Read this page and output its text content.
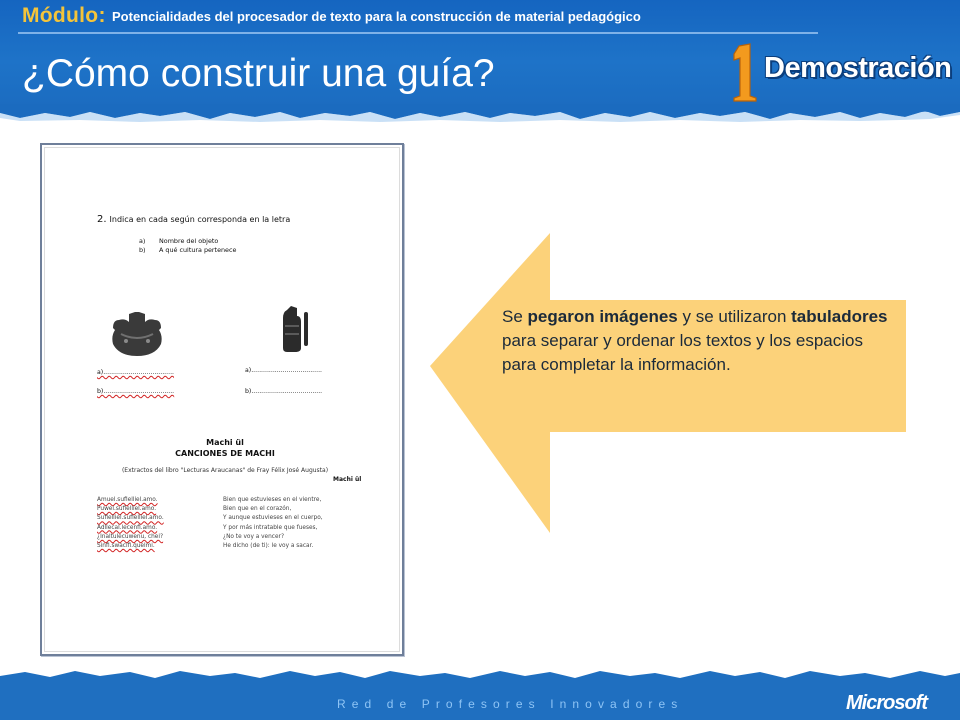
Módulo: Potencialidades del procesador de texto para la construcción de material pedagógico
¿Cómo construir una guía?	Demostración
2. Indica en cada según corresponda en la letra
a) Nombre del objeto
b) A qué cultura pertenece
a)....................................
b)....................................
a)....................................
b)....................................
Machi ül
CANCIONES DE MACHI
(Extractos del libro "Lecturas Araucanas" de Fray Félix José Augusta)
Machi ül
Amuel.sufielliel.amo.
Puwel.sufielliel.amo.
Sufielliel.sufielliel.amo.
Adllecal.lecenfi.amo.
¿Inaltulecuwenu, chei?
Sinfi.swacifi.quelmi.
Bien que estuvieses en el vientre,
Bien que en el corazón,
Y aunque estuvieses en el cuerpo,
Y por más intratable que fueses,
¿No te voy a vencer?
He dicho (de ti): le voy a sacar.
Se pegaron imágenes y se utilizaron tabuladores para separar y ordenar los textos y los espacios para completar la información.
Red de Profesores Innovadores	Microsoft
